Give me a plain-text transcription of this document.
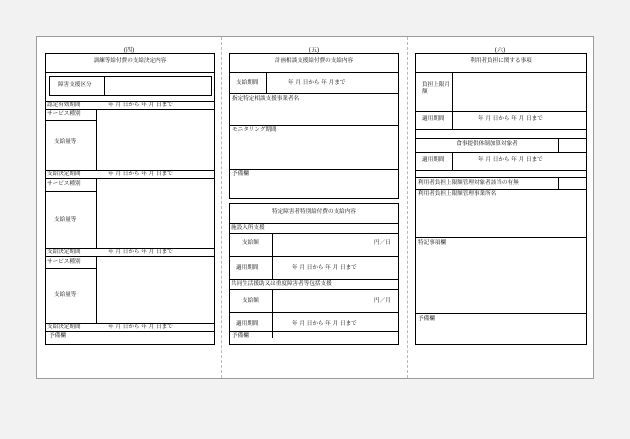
(四)	(五)	(六)
訓練等給付費の支給決定内容
障害支援区分
認定有効期間	年 月 日から 年 月 日まで
サービス種別
支給量等
支給決定期間	年 月 日から 年 月 日まで
サービス種別
支給量等
支給決定期間	年 月 日から 年 月 日まで
サービス種別
支給量等
支給決定期間	年 月 日から 年 月 日まで
予備欄
計画相談支援給付費の支給内容
支給期間	年 月 日から 年 月まで
指定特定相談支援事業者名
モニタリング期間
予備欄
特定障害者特別給付費の支給内容
施設入所支援
支給額	円／日
適用期間	年 月 日から 年 月 日まで
共同生活援助又は重度障害者等包括支援
支給額	円／月
適用期間	年 月 日から 年 月 日まで
予備欄
利用者負担に関する事項
負担上限月額
適用期間	年 月 日から 年 月 日まで
食事提供体制加算対象者
適用期間	年 月 日から 年 月 日まで
利用者負担上限額管理対象者該当の有無
利用者負担上限額管理事業所名
特記事項欄
予備欄
